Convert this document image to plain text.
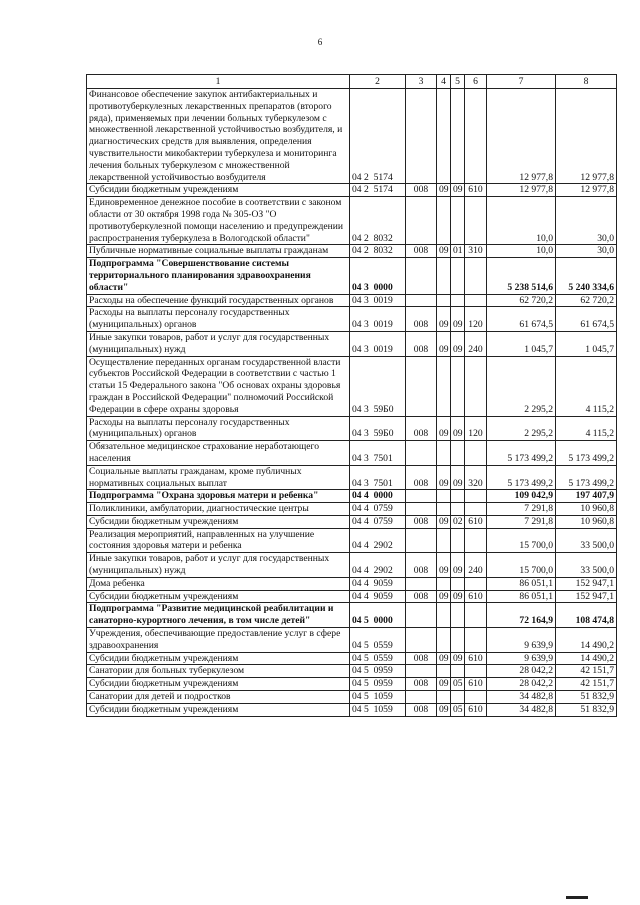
6
1	2	3	4	5	6	7	8
Финансовое обеспечение закупок антибактериальных и противотуберкулезных лекарственных препаратов (второго ряда), применяемых при лечении больных туберкулезом с множественной лекарственной устойчивостью возбудителя, и диагностических средств для выявления, определения чувствительности микобактерии туберкулеза и мониторинга лечения больных туберкулезом с множественной лекарственной устойчивостью возбудителя	04 2  5174					12 977,8	12 977,8
Субсидии бюджетным учреждениям	04 2  5174	008	09	09	610	12 977,8	12 977,8
Единовременное денежное пособие в соответствии с законом области от 30 октября 1998 года № 305-ОЗ "О противотуберкулезной помощи населению и предупреждении распространения туберкулеза в Вологодской области"	04 2  8032					10,0	30,0
Публичные нормативные социальные выплаты гражданам	04 2  8032	008	09	01	310	10,0	30,0
Подпрограмма "Совершенствование системы территориального планирования здравоохранения области"	04 3  0000					5 238 514,6	5 240 334,6
Расходы на обеспечение функций государственных органов	04 3  0019					62 720,2	62 720,2
Расходы на выплаты персоналу государственных (муниципальных) органов	04 3  0019	008	09	09	120	61 674,5	61 674,5
Иные закупки товаров, работ и услуг для государственных (муниципальных) нужд	04 3  0019	008	09	09	240	1 045,7	1 045,7
Осуществление переданных органам государственной власти субъектов Российской Федерации в соответствии с частью 1 статьи 15 Федерального закона "Об основах охраны здоровья граждан в Российской Федерации" полномочий Российской Федерации в сфере охраны здоровья	04 3  59Б0					2 295,2	4 115,2
Расходы на выплаты персоналу государственных (муниципальных) органов	04 3  59Б0	008	09	09	120	2 295,2	4 115,2
Обязательное медицинское страхование неработающего населения	04 3  7501					5 173 499,2	5 173 499,2
Социальные выплаты гражданам, кроме публичных нормативных социальных выплат	04 3  7501	008	09	09	320	5 173 499,2	5 173 499,2
Подпрограмма "Охрана здоровья матери и ребенка"	04 4  0000					109 042,9	197 407,9
Поликлиники, амбулатории, диагностические центры	04 4  0759					7 291,8	10 960,8
Субсидии бюджетным учреждениям	04 4  0759	008	09	02	610	7 291,8	10 960,8
Реализация мероприятий, направленных на улучшение состояния здоровья матери и ребенка	04 4  2902					15 700,0	33 500,0
Иные закупки товаров, работ и услуг для государственных (муниципальных) нужд	04 4  2902	008	09	09	240	15 700,0	33 500,0
Дома ребенка	04 4  9059					86 051,1	152 947,1
Субсидии бюджетным учреждениям	04 4  9059	008	09	09	610	86 051,1	152 947,1
Подпрограмма "Развитие медицинской реабилитации и санаторно-курортного лечения, в том числе детей"	04 5  0000					72 164,9	108 474,8
Учреждения, обеспечивающие предоставление услуг в сфере здравоохранения	04 5  0559					9 639,9	14 490,2
Субсидии бюджетным учреждениям	04 5  0559	008	09	09	610	9 639,9	14 490,2
Санатории для больных туберкулезом	04 5  0959					28 042,2	42 151,7
Субсидии бюджетным учреждениям	04 5  0959	008	09	05	610	28 042,2	42 151,7
Санатории для детей и подростков	04 5  1059					34 482,8	51 832,9
Субсидии бюджетным учреждениям	04 5  1059	008	09	05	610	34 482,8	51 832,9
